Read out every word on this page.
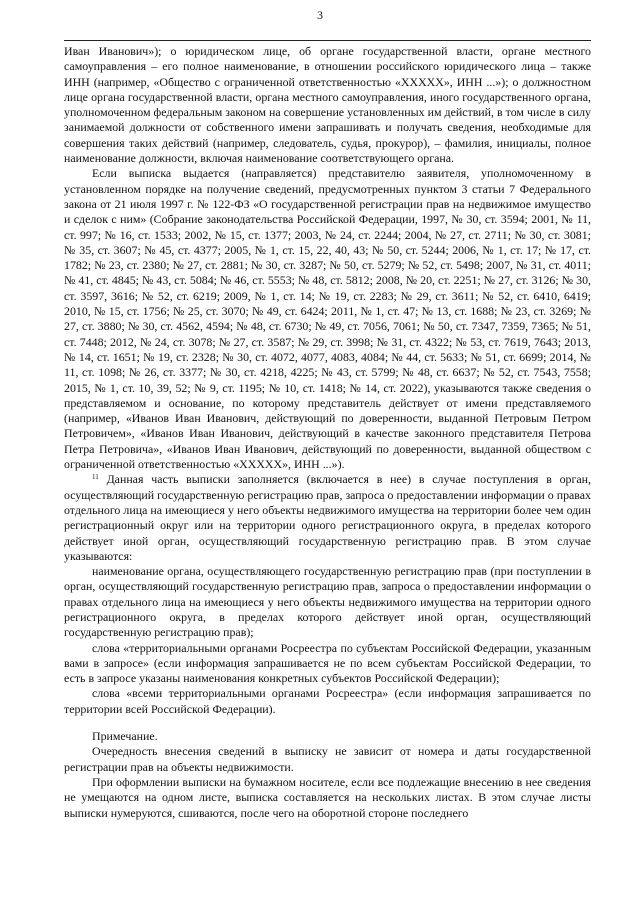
3

Иван Иванович»); о юридическом лице, об органе государственной власти, органе местного самоуправления – его полное наименование, в отношении российского юридического лица – также ИНН (например, «Общество с ограниченной ответственностью «ХХХХХ», ИНН ...»); о должностном лице органа государственной власти, органа местного самоуправления, иного государственного органа, уполномоченном федеральным законом на совершение установленных им действий, в том числе в силу занимаемой должности от собственного имени запрашивать и получать сведения, необходимые для совершения таких действий (например, следователь, судья, прокурор), – фамилия, инициалы, полное наименование должности, включая наименование соответствующего органа.

Если выписка выдается (направляется) представителю заявителя, уполномоченному в установленном порядке на получение сведений, предусмотренных пунктом 3 статьи 7 Федерального закона от 21 июля 1997 г. № 122-ФЗ «О государственной регистрации прав на недвижимое имущество и сделок с ним» (Собрание законодательства Российской Федерации, 1997, № 30, ст. 3594; 2001, № 11, ст. 997; № 16, ст. 1533; 2002, № 15, ст. 1377; 2003, № 24, ст. 2244; 2004, № 27, ст. 2711; № 30, ст. 3081; № 35, ст. 3607; № 45, ст. 4377; 2005, № 1, ст. 15, 22, 40, 43; № 50, ст. 5244; 2006, № 1, ст. 17; № 17, ст. 1782; № 23, ст. 2380; № 27, ст. 2881; № 30, ст. 3287; № 50, ст. 5279; № 52, ст. 5498; 2007, № 31, ст. 4011; № 41, ст. 4845; № 43, ст. 5084; № 46, ст. 5553; № 48, ст. 5812; 2008, № 20, ст. 2251; № 27, ст. 3126; № 30, ст. 3597, 3616; № 52, ст. 6219; 2009, № 1, ст. 14; № 19, ст. 2283; № 29, ст. 3611; № 52, ст. 6410, 6419; 2010, № 15, ст. 1756; № 25, ст. 3070; № 49, ст. 6424; 2011, № 1, ст. 47; № 13, ст. 1688; № 23, ст. 3269; № 27, ст. 3880; № 30, ст. 4562, 4594; № 48, ст. 6730; № 49, ст. 7056, 7061; № 50, ст. 7347, 7359, 7365; № 51, ст. 7448; 2012, № 24, ст. 3078; № 27, ст. 3587; № 29, ст. 3998; № 31, ст. 4322; № 53, ст. 7619, 7643; 2013, № 14, ст. 1651; № 19, ст. 2328; № 30, ст. 4072, 4077, 4083, 4084; № 44, ст. 5633; № 51, ст. 6699; 2014, № 11, ст. 1098; № 26, ст. 3377; № 30, ст. 4218, 4225; № 43, ст. 5799; № 48, ст. 6637; № 52, ст. 7543, 7558; 2015, № 1, ст. 10, 39, 52; № 9, ст. 1195; № 10, ст. 1418; № 14, ст. 2022), указываются также сведения о представляемом и основание, по которому представитель действует от имени представляемого (например, «Иванов Иван Иванович, действующий по доверенности, выданной Петровым Петром Петровичем», «Иванов Иван Иванович, действующий в качестве законного представителя Петрова Петра Петровича», «Иванов Иван Иванович, действующий по доверенности, выданной обществом с ограниченной ответственностью «ХХХХХ», ИНН ...»).

$^{11}$ Данная часть выписки заполняется (включается в нее) в случае поступления в орган, осуществляющий государственную регистрацию прав, запроса о предоставлении информации о правах отдельного лица на имеющиеся у него объекты недвижимого имущества на территории более чем один регистрационный округ или на территории одного регистрационного округа, в пределах которого действует иной орган, осуществляющий государственную регистрацию прав. В этом случае указываются:

наименование органа, осуществляющего государственную регистрацию прав (при поступлении в орган, осуществляющий государственную регистрацию прав, запроса о предоставлении информации о правах отдельного лица на имеющиеся у него объекты недвижимого имущества на территории одного регистрационного округа, в пределах которого действует иной орган, осуществляющий государственную регистрацию прав);

слова «территориальными органами Росреестра по субъектам Российской Федерации, указанным вами в запросе» (если информация запрашивается не по всем субъектам Российской Федерации, то есть в запросе указаны наименования конкретных субъектов Российской Федерации);

слова «всеми территориальными органами Росреестра» (если информация запрашивается по территории всей Российской Федерации).

Примечание.

Очередность внесения сведений в выписку не зависит от номера и даты государственной регистрации прав на объекты недвижимости.

При оформлении выписки на бумажном носителе, если все подлежащие внесению в нее сведения не умещаются на одном листе, выписка составляется на нескольких листах. В этом случае листы выписки нумеруются, сшиваются, после чего на оборотной стороне последнего
